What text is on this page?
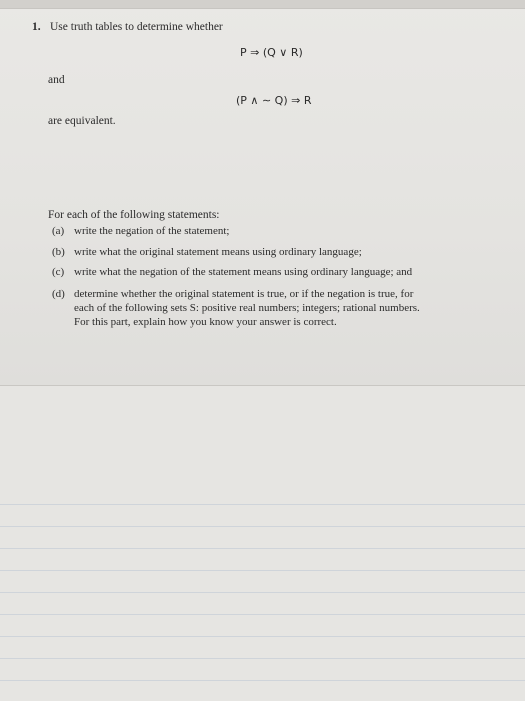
1. Use truth tables to determine whether
P ⇒ (Q ∨ R)
and
(P ∧ ∼ Q) ⇒ R
are equivalent.
For each of the following statements:
(a) write the negation of the statement;
(b) write what the original statement means using ordinary language;
(c) write what the negation of the statement means using ordinary language; and
(d) determine whether the original statement is true, or if the negation is true, for
each of the following sets S: positive real numbers; integers; rational numbers.
For this part, explain how you know your answer is correct.
